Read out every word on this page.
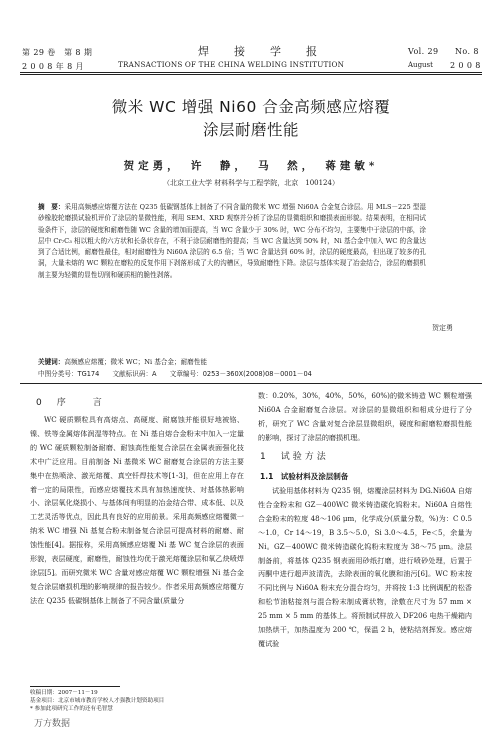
第 29 卷　第 8 期
2 0 0 8 年 8 月
焊　　接　　学　　报
TRANSACTIONS OF THE CHINA WELDING INSTITUTION
Vol. 29 No. 8
August 2 0 0 8
微米 WC 增强 Ni60 合金高频感应熔覆
涂层耐磨性能
贺定勇，　许　静，　马　然，　蒋建敏*
（北京工业大学 材料科学与工程学院，北京　100124）
摘　要：采用高频感应熔覆方法在 Q235 低碳钢基体上制备了不同含量的微米 WC 增强 Ni60A 合金复合涂层。用 MLS－225 型湿砂橡胶轮磨损试验机评价了涂层的显微性能，利用 SEM、XRD 观察并分析了涂层的显微组织和磨损表面形貌。结果表明，在相同试验条件下，涂层的硬度和耐磨性随 WC 含量的增加而提高，当 WC 含量少于 30% 时，WC 分布不均匀，主要集中于涂层的中部，涂层中 Cr₇C₃ 相以粗大的六方状和长条状存在，不利于涂层耐磨性的提高；当 WC 含量达到 50% 时，Ni 基合金中加入 WC 的含量达到了合适比例，耐磨性最佳，相对耐磨性为 Ni60A 涂层的 6.5 倍；当 WC 含量达到 60% 时，涂层的硬度最高，但出现了较多的孔洞，大量未熔的 WC 颗粒在磨粒的反复作用下剥落形成了大的沟槽区，导致耐磨性下降。涂层与基体实现了冶金结合，涂层的磨损机制主要为轻微的显性切削和硬质相的脆性剥落。
关键词：高频感应熔覆；微米 WC；Ni 基合金；耐磨性能
中图分类号：TG174　　文献标识码：A　　文章编号：0253－360X(2008)08－0001－04
贺定勇
0　序　　言
WC 硬质颗粒具有高熔点、高硬度、耐腐蚀并能很好地被铬、镍、铁等金属熔体润湿等特点。在 Ni 基自熔合金粉末中加入一定量的 WC 硬质颗粒制备耐磨、耐蚀高性能复合涂层在金属表面强化技术中广泛应用。目前制备 Ni 基微米 WC 耐磨复合涂层的方法主要集中在热喷涂、激光熔覆、真空钎焊技术等[1-3]，但在应用上存在着一定的局限性，而感应熔覆技术具有加热速度快、对基体热影响小、涂层氧化烧损小、与基体间有明显的冶金结合带、成本低、以及工艺灵活等优点，因此具有良好的应用前景。采用高频感应熔覆微一纳米 WC 增强 Ni 基复合粉末制备复合涂层可提高材料的耐磨、耐蚀性能[4]。据报称，采用高频感应熔覆 Ni 基 WC 复合涂层的表面形貌，表层硬度，耐磨性，耐蚀性均优于激光熔覆涂层和氧乙炔喷焊涂层[5]。而研究微米 WC 含量对感应熔覆 WC 颗粒增强 Ni 基合金复合涂层磨损机理的影响规律的报告较少。作者采用高频感应熔覆方法在 Q235 低碳钢基体上制备了不同含量(质量分
收稿日期：2007－11－19
基金项目：北京市城市教育学校人才强教计划资助项目
* 参加此项研究工作的还有毛智慧
数：0.20%，30%，40%，50%，60%)的微米铸造 WC 颗粒增强 Ni60A 合金耐磨复合涂层。对涂层的显微组织和相成分进行了分析，研究了 WC 含量对复合涂层显微组织，硬度和耐磨粒磨损性能的影响，探讨了涂层的磨损机理。
1　试验方法
1.1　试验材料及涂层制备
试验用基体材料为 Q235 钢，熔覆涂层材料为 DG.Ni60A 自熔性合金粉末和 GZ－400WC 微米铸造碳化钨粉末。Ni60A 自熔性合金粉末的粒度 48～106 μm，化学成分(质量分数，%)为：C 0.5～1.0，Cr 14～19，B 3.5～5.0，Si 3.0～4.5，Fe＜5，余量为 Ni。GZ－400WC 微米铸造碳化钨粉末粒度为 38～75 μm。涂层制备前，将基体 Q235 钢表面用砂纸打磨，进行喷砂处理，后置于丙酮中进行超声波清洗，去除表面的氧化膜和油污[6]。WC 粉末按不同比例与 Ni60A 粉末充分混合均匀，并将按 1:3 比例调配的松香和松节油粘接剂与混合粉末制成膏状物，涂敷在尺寸为 57 mm × 25 mm × 5 mm 的基体上。将预制试样放入 DF206 电热干燥箱内加热烘干，加热温度为 200 ℃，保温 2 h，使粘结剂挥发。感应熔覆试验
万方数据
